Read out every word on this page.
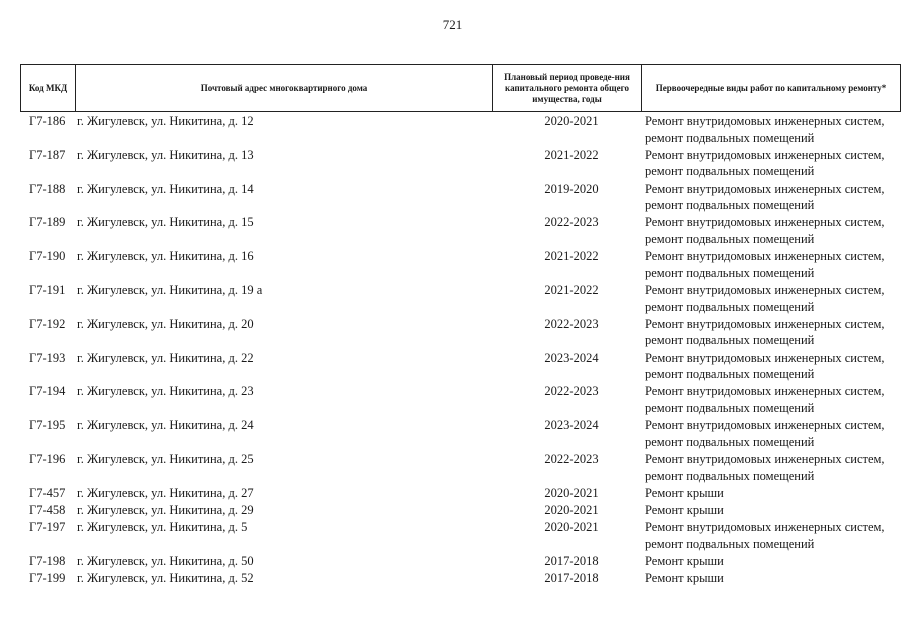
721
Код МКД	Почтовый адрес многоквартирного дома	Плановый период проведе-ния капитального ремонта общего имущества, годы	Первоочередные виды работ по капитальному ремонту*
Г7-186 г. Жигулевск, ул. Никитина, д. 12	2020-2021	Ремонт внутридомовых инженерных систем,
ремонт подвальных помещений
Г7-187 г. Жигулевск, ул. Никитина, д. 13	2021-2022	Ремонт внутридомовых инженерных систем,
ремонт подвальных помещений
Г7-188 г. Жигулевск, ул. Никитина, д. 14	2019-2020	Ремонт внутридомовых инженерных систем,
ремонт подвальных помещений
Г7-189 г. Жигулевск, ул. Никитина, д. 15	2022-2023	Ремонт внутридомовых инженерных систем,
ремонт подвальных помещений
Г7-190 г. Жигулевск, ул. Никитина, д. 16	2021-2022	Ремонт внутридомовых инженерных систем,
ремонт подвальных помещений
Г7-191 г. Жигулевск, ул. Никитина, д. 19 а	2021-2022	Ремонт внутридомовых инженерных систем,
ремонт подвальных помещений
Г7-192 г. Жигулевск, ул. Никитина, д. 20	2022-2023	Ремонт внутридомовых инженерных систем,
ремонт подвальных помещений
Г7-193 г. Жигулевск, ул. Никитина, д. 22	2023-2024	Ремонт внутридомовых инженерных систем,
ремонт подвальных помещений
Г7-194 г. Жигулевск, ул. Никитина, д. 23	2022-2023	Ремонт внутридомовых инженерных систем,
ремонт подвальных помещений
Г7-195 г. Жигулевск, ул. Никитина, д. 24	2023-2024	Ремонт внутридомовых инженерных систем,
ремонт подвальных помещений
Г7-196 г. Жигулевск, ул. Никитина, д. 25	2022-2023	Ремонт внутридомовых инженерных систем,
ремонт подвальных помещений
Г7-457 г. Жигулевск, ул. Никитина, д. 27	2020-2021	Ремонт крыши
Г7-458 г. Жигулевск, ул. Никитина, д. 29	2020-2021	Ремонт крыши
Г7-197 г. Жигулевск, ул. Никитина, д. 5	2020-2021	Ремонт внутридомовых инженерных систем,
ремонт подвальных помещений
Г7-198 г. Жигулевск, ул. Никитина, д. 50	2017-2018	Ремонт крыши
Г7-199 г. Жигулевск, ул. Никитина, д. 52	2017-2018	Ремонт крыши
